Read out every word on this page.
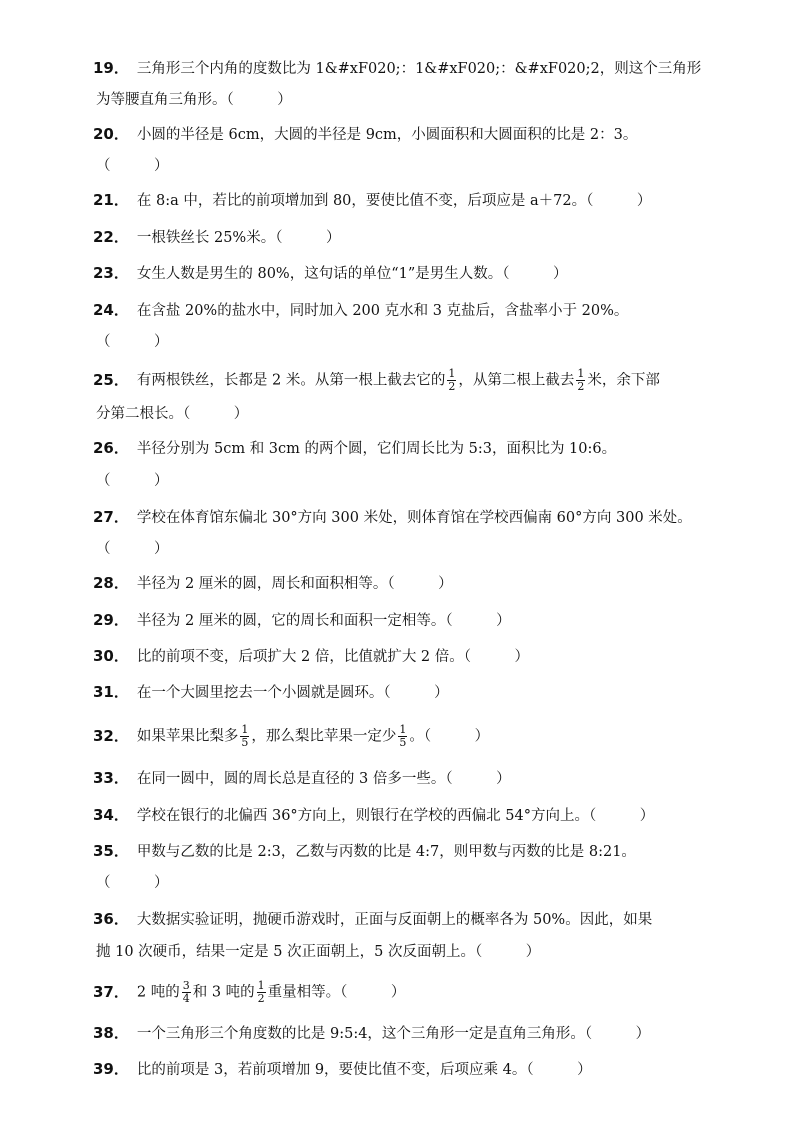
19． 三角形三个内角的度数比为 1&#xF020;：1&#xF020;：&#xF020;2，则这个三角形
为等腰直角三角形。（　　　）
20． 小圆的半径是 6cm，大圆的半径是 9cm，小圆面积和大圆面积的比是 2：3。
（　　　）
21． 在 8:a 中，若比的前项增加到 80，要使比值不变，后项应是 a＋72。（　　　）
22． 一根铁丝长 25%米。（　　　）
23． 女生人数是男生的 80%，这句话的单位“1”是男生人数。（　　　）
24． 在含盐 20%的盐水中，同时加入 200 克水和 3 克盐后，含盐率小于 20%。
（　　　）
25． 有两根铁丝，长都是 2 米。从第一根上截去它的 $\frac{1}{2}$ ，从第二根上截去 $\frac{1}{2}$ 米，余下部
分第二根长。（　　　）
26． 半径分别为 5cm 和 3cm 的两个圆，它们周长比为 5:3，面积比为 10:6。
（　　　）
27． 学校在体育馆东偏北 30°方向 300 米处，则体育馆在学校西偏南 60°方向 300 米处。
（　　　）
28． 半径为 2 厘米的圆，周长和面积相等。（　　　）
29． 半径为 2 厘米的圆，它的周长和面积一定相等。（　　　）
30． 比的前项不变，后项扩大 2 倍，比值就扩大 2 倍。（　　　）
31． 在一个大圆里挖去一个小圆就是圆环。（　　　）
32． 如果苹果比梨多 $\frac{1}{5}$ ，那么梨比苹果一定少 $\frac{1}{5}$ 。（　　　）
33． 在同一圆中，圆的周长总是直径的 3 倍多一些。（　　　）
34． 学校在银行的北偏西 36°方向上，则银行在学校的西偏北 54°方向上。（　　　）
35． 甲数与乙数的比是 2:3，乙数与丙数的比是 4:7，则甲数与丙数的比是 8:21。
（　　　）
36． 大数据实验证明，抛硬币游戏时，正面与反面朝上的概率各为 50%。因此，如果
抛 10 次硬币，结果一定是 5 次正面朝上，5 次反面朝上。（　　　）
37． 2 吨的 $\frac{3}{4}$ 和 3 吨的 $\frac{1}{2}$ 重量相等。（　　　）
38． 一个三角形三个角度数的比是 9:5:4，这个三角形一定是直角三角形。（　　　）
39． 比的前项是 3，若前项增加 9，要使比值不变，后项应乘 4。（　　　）
